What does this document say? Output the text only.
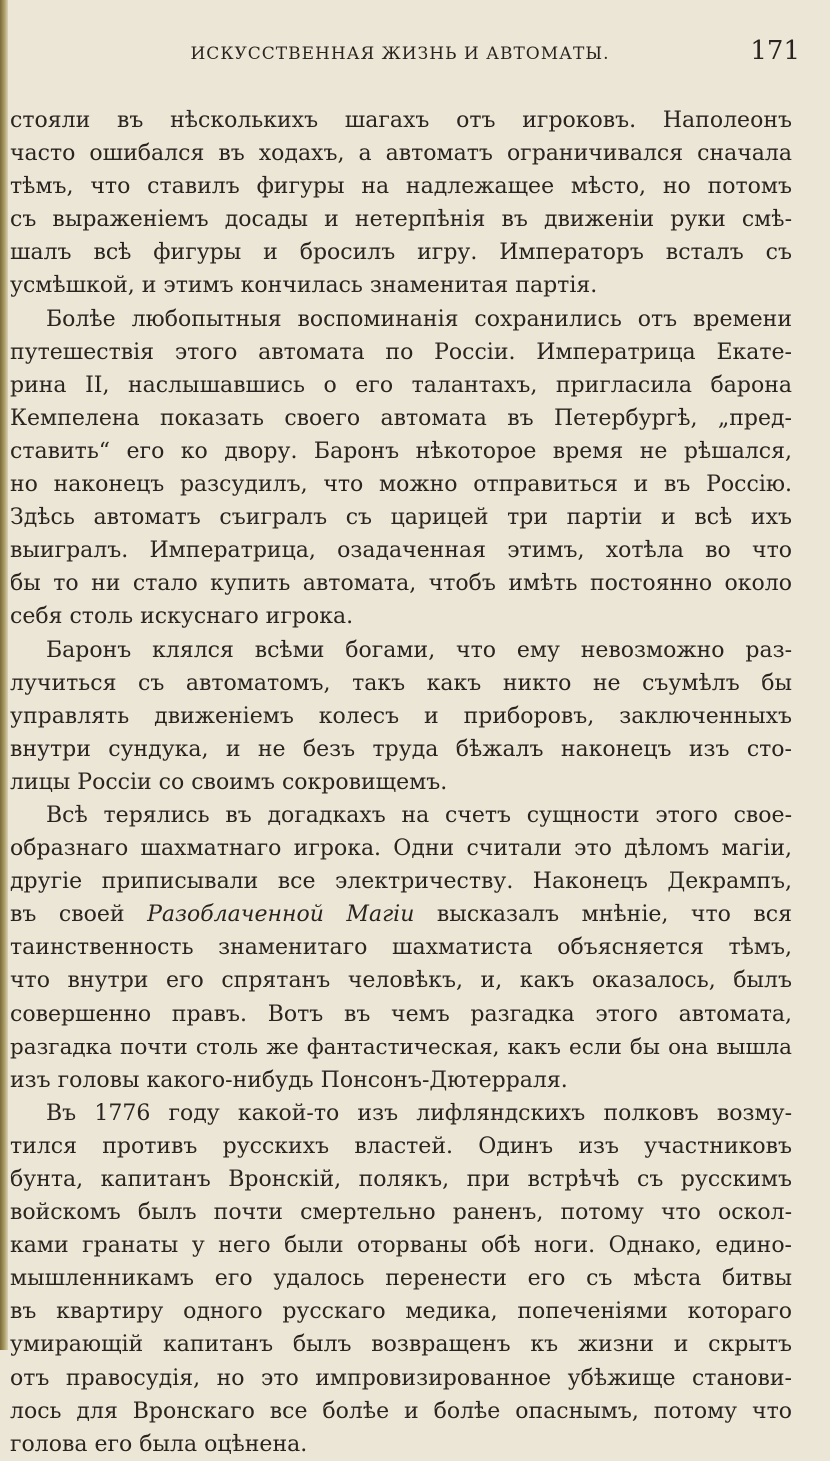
ИСКУССТВЕННАЯ ЖИЗНЬ И АВТОМАТЫ.	171
стояли въ нѣсколькихъ шагахъ отъ игроковъ. Наполеонъ
часто ошибался въ ходахъ, а автоматъ ограничивался сначала
тѣмъ, что ставилъ фигуры на надлежащее мѣсто, но потомъ
съ выраженіемъ досады и нетерпѣнія въ движеніи руки смѣ-
шалъ всѣ фигуры и бросилъ игру. Императоръ всталъ съ
усмѣшкой, и этимъ кончилась знаменитая партія.
Болѣе любопытныя воспоминанія сохранились отъ времени
путешествія этого автомата по Россіи. Императрица Екате-
рина II, наслышавшись о его талантахъ, пригласила барона
Кемпелена показать своего автомата въ Петербургѣ, „пред-
ставить“ его ко двору. Баронъ нѣкоторое время не рѣшался,
но наконецъ разсудилъ, что можно отправиться и въ Россію.
Здѣсь автоматъ съигралъ съ царицей три партіи и всѣ ихъ
выигралъ. Императрица, озадаченная этимъ, хотѣла во что
бы то ни стало купить автомата, чтобъ имѣть постоянно около
себя столь искуснаго игрока.
Баронъ клялся всѣми богами, что ему невозможно раз-
лучиться съ автоматомъ, такъ какъ никто не съумѣлъ бы
управлять движеніемъ колесъ и приборовъ, заключенныхъ
внутри сундука, и не безъ труда бѣжалъ наконецъ изъ сто-
лицы Россіи со своимъ сокровищемъ.
Всѣ терялись въ догадкахъ на счетъ сущности этого свое-
образнаго шахматнаго игрока. Одни считали это дѣломъ магіи,
другіе приписывали все электричеству. Наконецъ Декрампъ,
въ своей Разоблаченной Магіи высказалъ мнѣніе, что вся
таинственность знаменитаго шахматиста объясняется тѣмъ,
что внутри его спрятанъ человѣкъ, и, какъ оказалось, былъ
совершенно правъ. Вотъ въ чемъ разгадка этого автомата,
разгадка почти столь же фантастическая, какъ если бы она вышла
изъ головы какого-нибудь Понсонъ-Дютерраля.
Въ 1776 году какой-то изъ лифляндскихъ полковъ возму-
тился противъ русскихъ властей. Одинъ изъ участниковъ
бунта, капитанъ Вронскій, полякъ, при встрѣчѣ съ русскимъ
войскомъ былъ почти смертельно раненъ, потому что оскол-
ками гранаты у него были оторваны обѣ ноги. Однако, едино-
мышленникамъ его удалось перенести его съ мѣста битвы
въ квартиру одного русскаго медика, попеченіями котораго
умирающій капитанъ былъ возвращенъ къ жизни и скрытъ
отъ правосудія, но это импровизированное убѣжище станови-
лось для Вронскаго все болѣе и болѣе опаснымъ, потому что
голова его была оцѣнена.
